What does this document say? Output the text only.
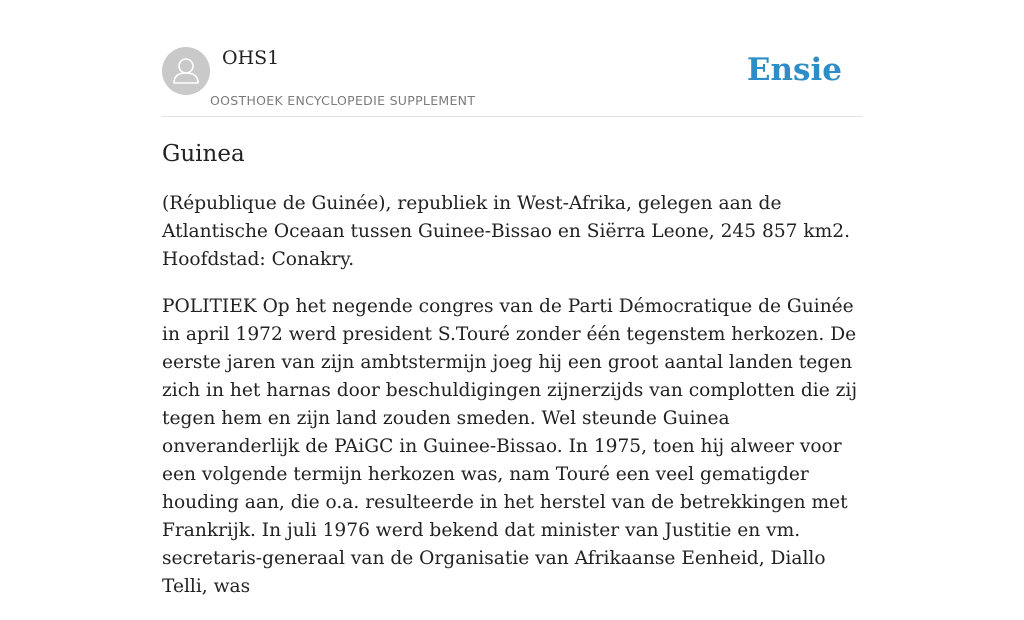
OHS1
OOSTHOEK ENCYCLOPEDIE SUPPLEMENT
Ensie
Guinea

(République de Guinée), republiek in West-Afrika, gelegen aan de Atlantische Oceaan tussen Guinee-Bissao en Siërra Leone, 245 857 km2. Hoofdstad: Conakry.

POLITIEK Op het negende congres van de Parti Démocratique de Guinée in april 1972 werd president S.Touré zonder één tegenstem herkozen. De eerste jaren van zijn ambtstermijn joeg hij een groot aantal landen tegen zich in het harnas door beschuldigingen zijnerzijds van complotten die zij tegen hem en zijn land zouden smeden. Wel steunde Guinea onveranderlijk de PAiGC in Guinee-Bissao. In 1975, toen hij alweer voor een volgende termijn herkozen was, nam Touré een veel gematigder houding aan, die o.a. resulteerde in het herstel van de betrekkingen met Frankrijk. In juli 1976 werd bekend dat minister van Justitie en vm. secretaris-generaal van de Organisatie van Afrikaanse Eenheid, Diallo Telli, was
